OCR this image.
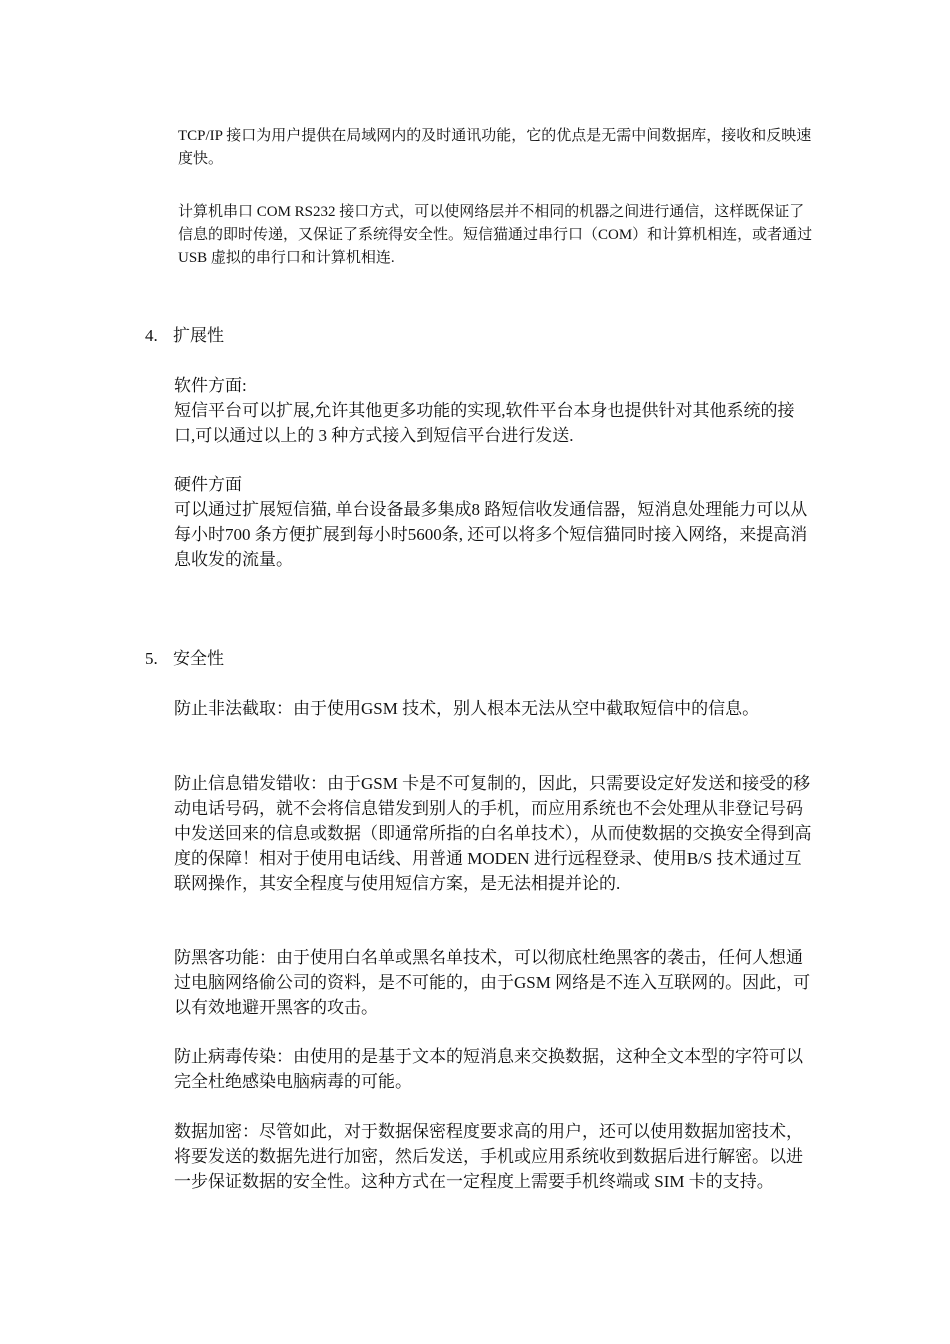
TCP/IP 接口为用户提供在局域网内的及时通讯功能，它的优点是无需中间数据库，接收和反映速度快。
计算机串口 COM RS232 接口方式，可以使网络层并不相同的机器之间进行通信，这样既保证了信息的即时传递，又保证了系统得安全性。短信猫通过串行口（COM）和计算机相连，或者通过 USB 虚拟的串行口和计算机相连.
4. 扩展性
软件方面:
短信平台可以扩展,允许其他更多功能的实现,软件平台本身也提供针对其他系统的接口,可以通过以上的 3 种方式接入到短信平台进行发送.
硬件方面
可以通过扩展短信猫, 单台设备最多集成8 路短信收发通信器，短消息处理能力可以从每小时700 条方便扩展到每小时5600条, 还可以将多个短信猫同时接入网络，来提高消息收发的流量。
5. 安全性
防止非法截取：由于使用GSM 技术，别人根本无法从空中截取短信中的信息。
防止信息错发错收：由于GSM 卡是不可复制的，因此，只需要设定好发送和接受的移动电话号码，就不会将信息错发到别人的手机，而应用系统也不会处理从非登记号码中发送回来的信息或数据（即通常所指的白名单技术），从而使数据的交换安全得到高度的保障！相对于使用电话线、用普通 MODEN 进行远程登录、使用B/S 技术通过互联网操作，其安全程度与使用短信方案，是无法相提并论的.
防黑客功能：由于使用白名单或黑名单技术，可以彻底杜绝黑客的袭击，任何人想通过电脑网络偷公司的资料，是不可能的，由于GSM 网络是不连入互联网的。因此，可以有效地避开黑客的攻击。
防止病毒传染：由使用的是基于文本的短消息来交换数据，这种全文本型的字符可以完全杜绝感染电脑病毒的可能。
数据加密：尽管如此，对于数据保密程度要求高的用户，还可以使用数据加密技术，将要发送的数据先进行加密，然后发送，手机或应用系统收到数据后进行解密。以进一步保证数据的安全性。这种方式在一定程度上需要手机终端或 SIM 卡的支持。
